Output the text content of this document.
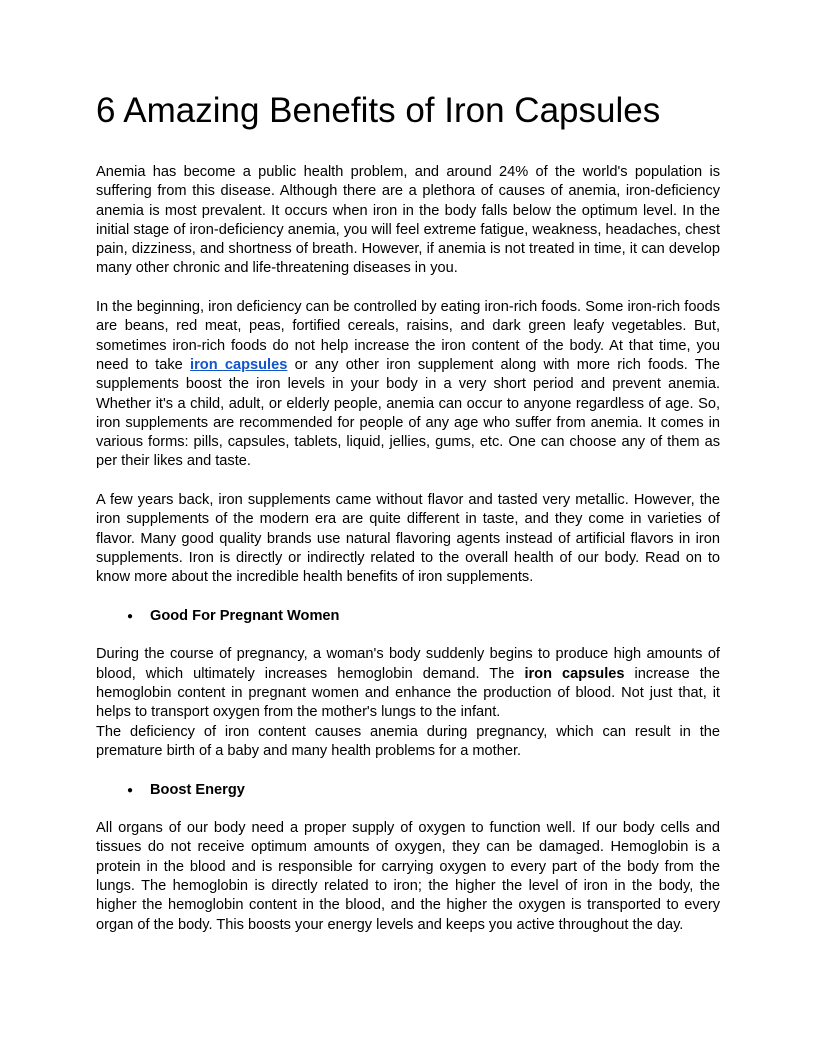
6 Amazing Benefits of Iron Capsules

Anemia has become a public health problem, and around 24% of the world's population is suffering from this disease. Although there are a plethora of causes of anemia, iron-deficiency anemia is most prevalent. It occurs when iron in the body falls below the optimum level. In the initial stage of iron-deficiency anemia, you will feel extreme fatigue, weakness, headaches, chest pain, dizziness, and shortness of breath. However, if anemia is not treated in time, it can develop many other chronic and life-threatening diseases in you.

In the beginning, iron deficiency can be controlled by eating iron-rich foods. Some iron-rich foods are beans, red meat, peas, fortified cereals, raisins, and dark green leafy vegetables. But, sometimes iron-rich foods do not help increase the iron content of the body. At that time, you need to take iron capsules or any other iron supplement along with more rich foods. The supplements boost the iron levels in your body in a very short period and prevent anemia. Whether it's a child, adult, or elderly people, anemia can occur to anyone regardless of age. So, iron supplements are recommended for people of any age who suffer from anemia. It comes in various forms: pills, capsules, tablets, liquid, jellies, gums, etc. One can choose any of them as per their likes and taste.

A few years back, iron supplements came without flavor and tasted very metallic. However, the iron supplements of the modern era are quite different in taste, and they come in varieties of flavor. Many good quality brands use natural flavoring agents instead of artificial flavors in iron supplements. Iron is directly or indirectly related to the overall health of our body. Read on to know more about the incredible health benefits of iron supplements.

●	Good For Pregnant Women

During the course of pregnancy, a woman's body suddenly begins to produce high amounts of blood, which ultimately increases hemoglobin demand. The iron capsules increase the hemoglobin content in pregnant women and enhance the production of blood. Not just that, it helps to transport oxygen from the mother's lungs to the infant.

The deficiency of iron content causes anemia during pregnancy, which can result in the premature birth of a baby and many health problems for a mother.

●	Boost Energy

All organs of our body need a proper supply of oxygen to function well. If our body cells and tissues do not receive optimum amounts of oxygen, they can be damaged. Hemoglobin is a protein in the blood and is responsible for carrying oxygen to every part of the body from the lungs. The hemoglobin is directly related to iron; the higher the level of iron in the body, the higher the hemoglobin content in the blood, and the higher the oxygen is transported to every organ of the body. This boosts your energy levels and keeps you active throughout the day.
